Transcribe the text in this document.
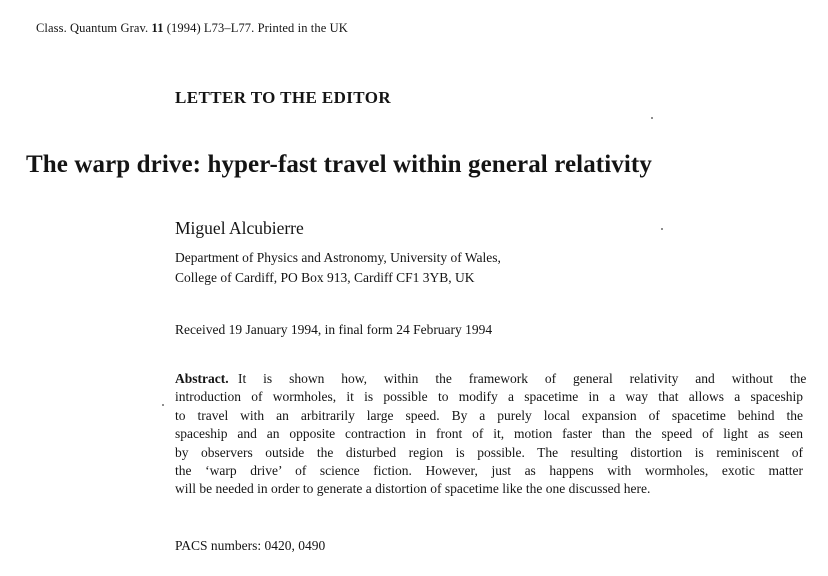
Class. Quantum Grav. 11 (1994) L73–L77. Printed in the UK
LETTER TO THE EDITOR
The warp drive: hyper-fast travel within general relativity
Miguel Alcubierre
Department of Physics and Astronomy, University of Wales,
College of Cardiff, PO Box 913, Cardiff CF1 3YB, UK
Received 19 January 1994, in final form 24 February 1994
Abstract. It is shown how, within the framework of general relativity and without the
introduction of wormholes, it is possible to modify a spacetime in a way that allows a spaceship
to travel with an arbitrarily large speed. By a purely local expansion of spacetime behind the
spaceship and an opposite contraction in front of it, motion faster than the speed of light as seen
by observers outside the disturbed region is possible. The resulting distortion is reminiscent of
the ‘warp drive’ of science fiction. However, just as happens with wormholes, exotic matter
will be needed in order to generate a distortion of spacetime like the one discussed here.
PACS numbers: 0420, 0490
